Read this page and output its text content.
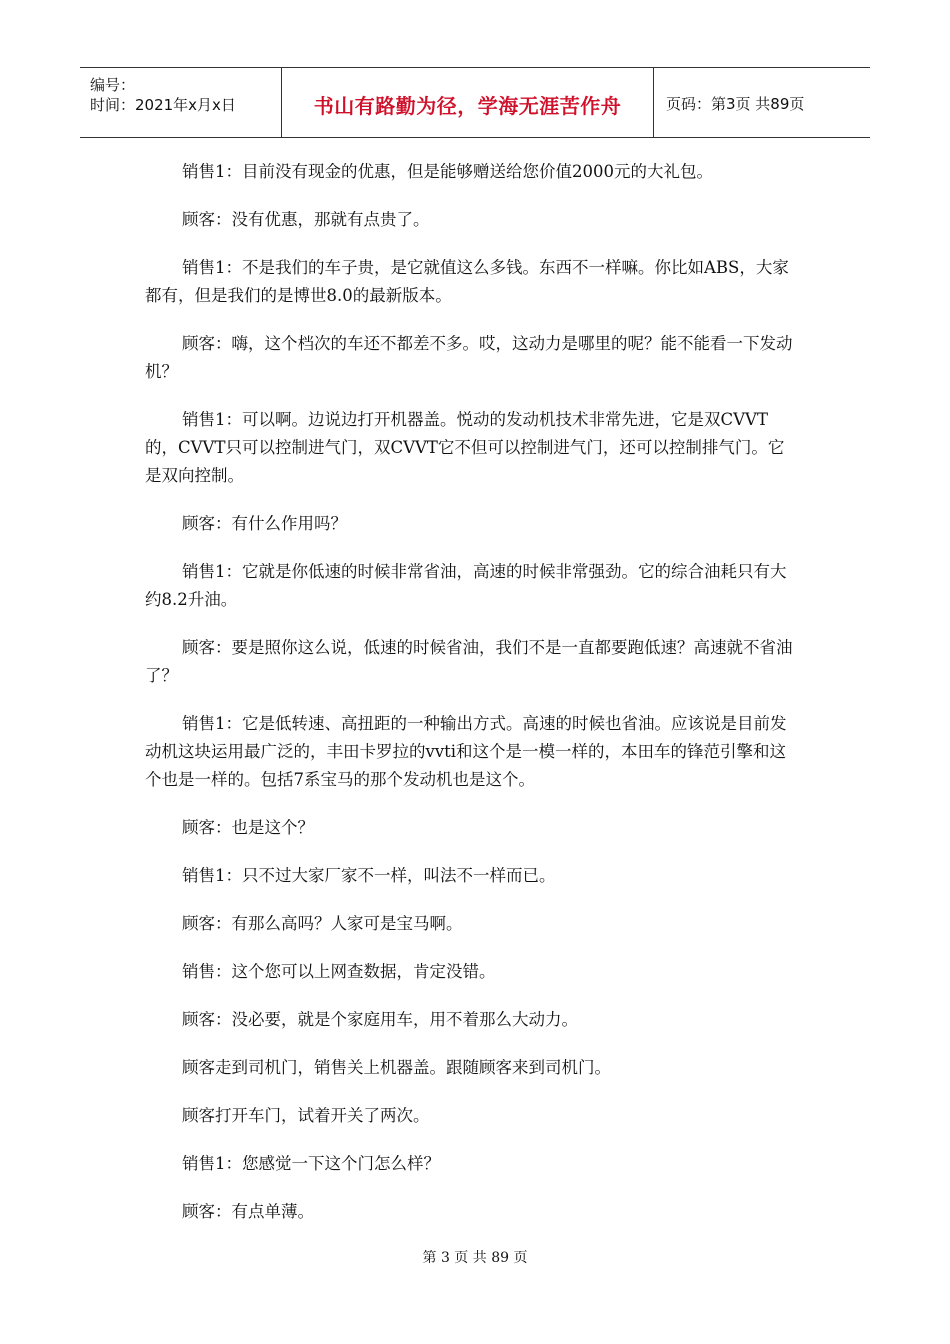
编号：
时间：2021年x月x日	书山有路勤为径，学海无涯苦作舟	页码：第3页 共89页

销售1：目前没有现金的优惠，但是能够赠送给您价值2000元的大礼包。

顾客：没有优惠，那就有点贵了。

销售1：不是我们的车子贵，是它就值这么多钱。东西不一样嘛。你比如ABS，大家都有，但是我们的是博世8.0的最新版本。

顾客：嗨，这个档次的车还不都差不多。哎，这动力是哪里的呢？能不能看一下发动机？

销售1：可以啊。边说边打开机器盖。悦动的发动机技术非常先进，它是双CVVT的，CVVT只可以控制进气门，双CVVT它不但可以控制进气门，还可以控制排气门。它是双向控制。

顾客：有什么作用吗？

销售1：它就是你低速的时候非常省油，高速的时候非常强劲。它的综合油耗只有大约8.2升油。

顾客：要是照你这么说，低速的时候省油，我们不是一直都要跑低速？高速就不省油了？

销售1：它是低转速、高扭距的一种输出方式。高速的时候也省油。应该说是目前发动机这块运用最广泛的，丰田卡罗拉的vvti和这个是一模一样的，本田车的锋范引擎和这个也是一样的。包括7系宝马的那个发动机也是这个。

顾客：也是这个？

销售1：只不过大家厂家不一样，叫法不一样而已。

顾客：有那么高吗？人家可是宝马啊。

销售：这个您可以上网查数据，肯定没错。

顾客：没必要，就是个家庭用车，用不着那么大动力。

顾客走到司机门，销售关上机器盖。跟随顾客来到司机门。

顾客打开车门，试着开关了两次。

销售1：您感觉一下这个门怎么样？

顾客：有点单薄。

第 3 页 共 89 页
